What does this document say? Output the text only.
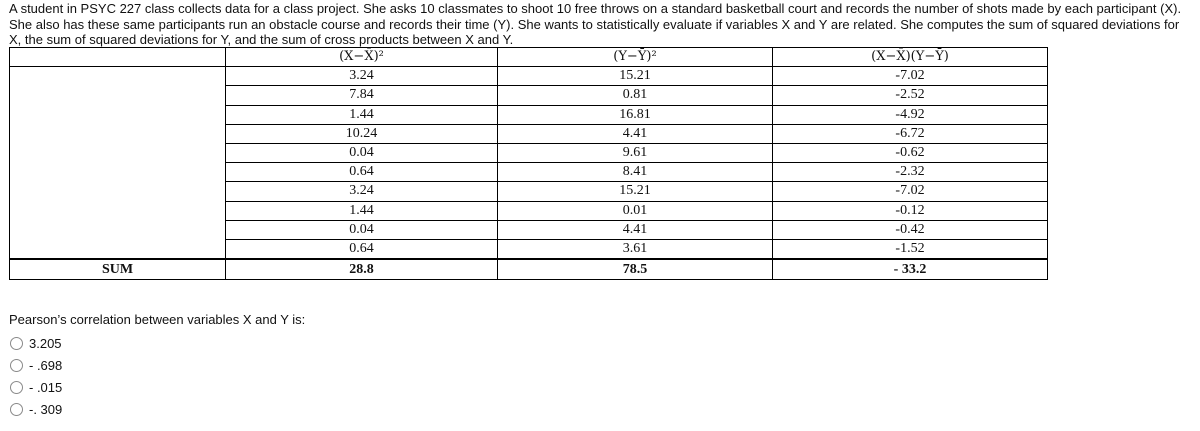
A student in PSYC 227 class collects data for a class project. She asks 10 classmates to shoot 10 free throws on a standard basketball court and records the number of shots made by each participant (X). She also has these same participants run an obstacle course and records their time (Y). She wants to statistically evaluate if variables X and Y are related. She computes the sum of squared deviations for X, the sum of squared deviations for Y, and the sum of cross products between X and Y.

	(X−X̄)²	(Y−Ȳ)²	(X−X̄)(Y−Ȳ)
	3.24	15.21	-7.02
	7.84	0.81	-2.52
	1.44	16.81	-4.92
	10.24	4.41	-6.72
	0.04	9.61	-0.62
	0.64	8.41	-2.32
	3.24	15.21	-7.02
	1.44	0.01	-0.12
	0.04	4.41	-0.42
	0.64	3.61	-1.52
SUM	28.8	78.5	- 33.2

Pearson’s correlation between variables X and Y is:

3.205
- .698
- .015
-. 309
